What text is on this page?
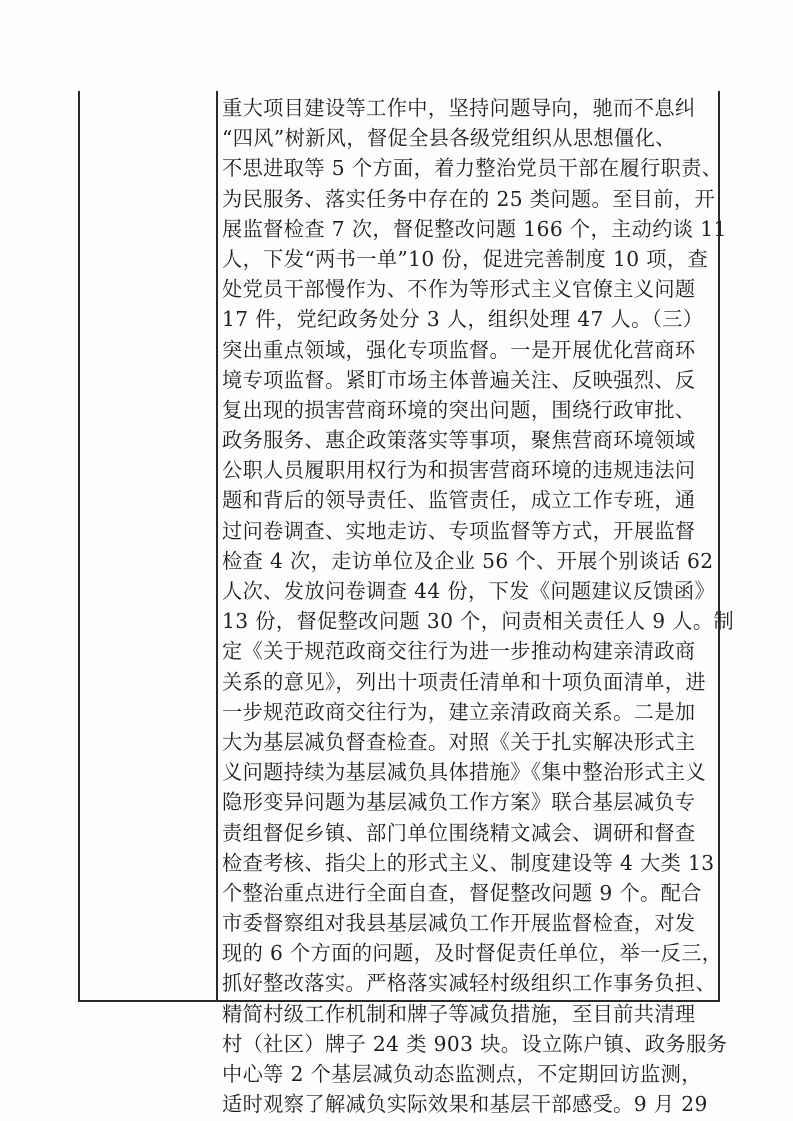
重大项目建设等工作中，坚持问题导向，驰而不息纠
“四风”树新风，督促全县各级党组织从思想僵化、
不思进取等 5 个方面，着力整治党员干部在履行职责、
为民服务、落实任务中存在的 25 类问题。至目前，开
展监督检查 7 次，督促整改问题 166 个，主动约谈 11
人，下发“两书一单”10 份，促进完善制度 10 项，查
处党员干部慢作为、不作为等形式主义官僚主义问题
17 件，党纪政务处分 3 人，组织处理 47 人。（三）
突出重点领域，强化专项监督。一是开展优化营商环
境专项监督。紧盯市场主体普遍关注、反映强烈、反
复出现的损害营商环境的突出问题，围绕行政审批、
政务服务、惠企政策落实等事项，聚焦营商环境领域
公职人员履职用权行为和损害营商环境的违规违法问
题和背后的领导责任、监管责任，成立工作专班，通
过问卷调查、实地走访、专项监督等方式，开展监督
检查 4 次，走访单位及企业 56 个、开展个别谈话 62
人次、发放问卷调查 44 份，下发《问题建议反馈函》
13 份，督促整改问题 30 个，问责相关责任人 9 人。制
定《关于规范政商交往行为进一步推动构建亲清政商
关系的意见》，列出十项责任清单和十项负面清单，进
一步规范政商交往行为，建立亲清政商关系。二是加
大为基层减负督查检查。对照《关于扎实解决形式主
义问题持续为基层减负具体措施》《集中整治形式主义
隐形变异问题为基层减负工作方案》联合基层减负专
责组督促乡镇、部门单位围绕精文减会、调研和督查
检查考核、指尖上的形式主义、制度建设等 4 大类 13
个整治重点进行全面自查，督促整改问题 9 个。配合
市委督察组对我县基层减负工作开展监督检查，对发
现的 6 个方面的问题，及时督促责任单位，举一反三，
抓好整改落实。严格落实减轻村级组织工作事务负担、
精简村级工作机制和牌子等减负措施，至目前共清理
村（社区）牌子 24 类 903 块。设立陈户镇、政务服务
中心等 2 个基层减负动态监测点，不定期回访监测，
适时观察了解减负实际效果和基层干部感受。9 月 29
